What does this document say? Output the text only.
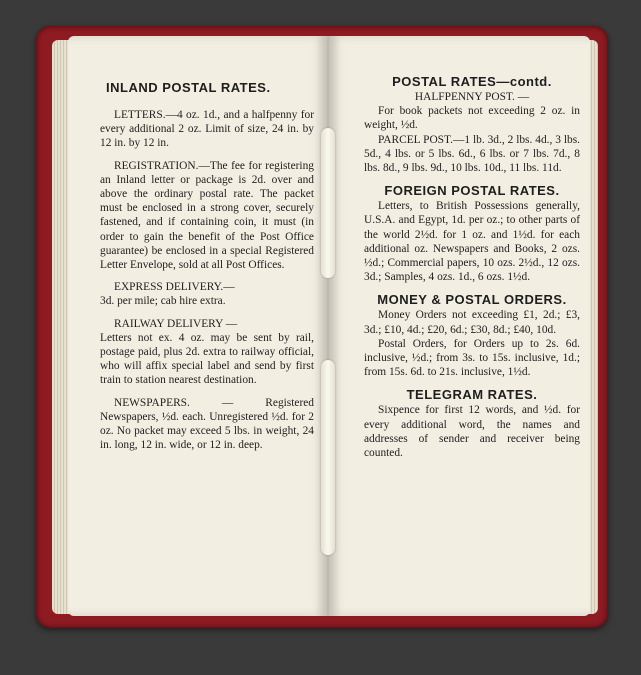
INLAND POSTAL RATES.

LETTERS.—4 oz. 1d., and a halfpenny for every additional 2 oz. Limit of size, 24 in. by 12 in. by 12 in.

REGISTRATION.—The fee for registering an Inland letter or package is 2d. over and above the ordinary postal rate. The packet must be enclosed in a strong cover, securely fastened, and if containing coin, it must (in order to gain the benefit of the Post Office guarantee) be enclosed in a special Registered Letter Envelope, sold at all Post Offices.

EXPRESS DELIVERY.—

3d. per mile; cab hire extra.

RAILWAY DELIVERY —

Letters not ex. 4 oz. may be sent by rail, postage paid, plus 2d. extra to railway official, who will affix special label and send by first train to station nearest destination.

NEWSPAPERS. — Registered Newspapers, ½d. each. Unregistered ½d. for 2 oz. No packet may exceed 5 lbs. in weight, 24 in. long, 12 in. wide, or 12 in. deep.

POSTAL RATES—contd.

HALFPENNY POST. —

For book packets not exceeding 2 oz. in weight, ½d.

PARCEL POST.—1 lb. 3d., 2 lbs. 4d., 3 lbs. 5d., 4 lbs. or 5 lbs. 6d., 6 lbs. or 7 lbs. 7d., 8 lbs. 8d., 9 lbs. 9d., 10 lbs. 10d., 11 lbs. 11d.

FOREIGN POSTAL RATES.

Letters, to British Possessions generally, U.S.A. and Egypt, 1d. per oz.; to other parts of the world 2½d. for 1 oz. and 1½d. for each additional oz. Newspapers and Books, 2 ozs. ½d.; Commercial papers, 10 ozs. 2½d., 12 ozs. 3d.; Samples, 4 ozs. 1d., 6 ozs. 1½d.

MONEY & POSTAL ORDERS.

Money Orders not exceeding £1, 2d.; £3, 3d.; £10, 4d.; £20, 6d.; £30, 8d.; £40, 10d.

Postal Orders, for Orders up to 2s. 6d. inclusive, ½d.; from 3s. to 15s. inclusive, 1d.; from 15s. 6d. to 21s. inclusive, 1½d.

TELEGRAM RATES.

Sixpence for first 12 words, and ½d. for every additional word, the names and addresses of sender and receiver being counted.
